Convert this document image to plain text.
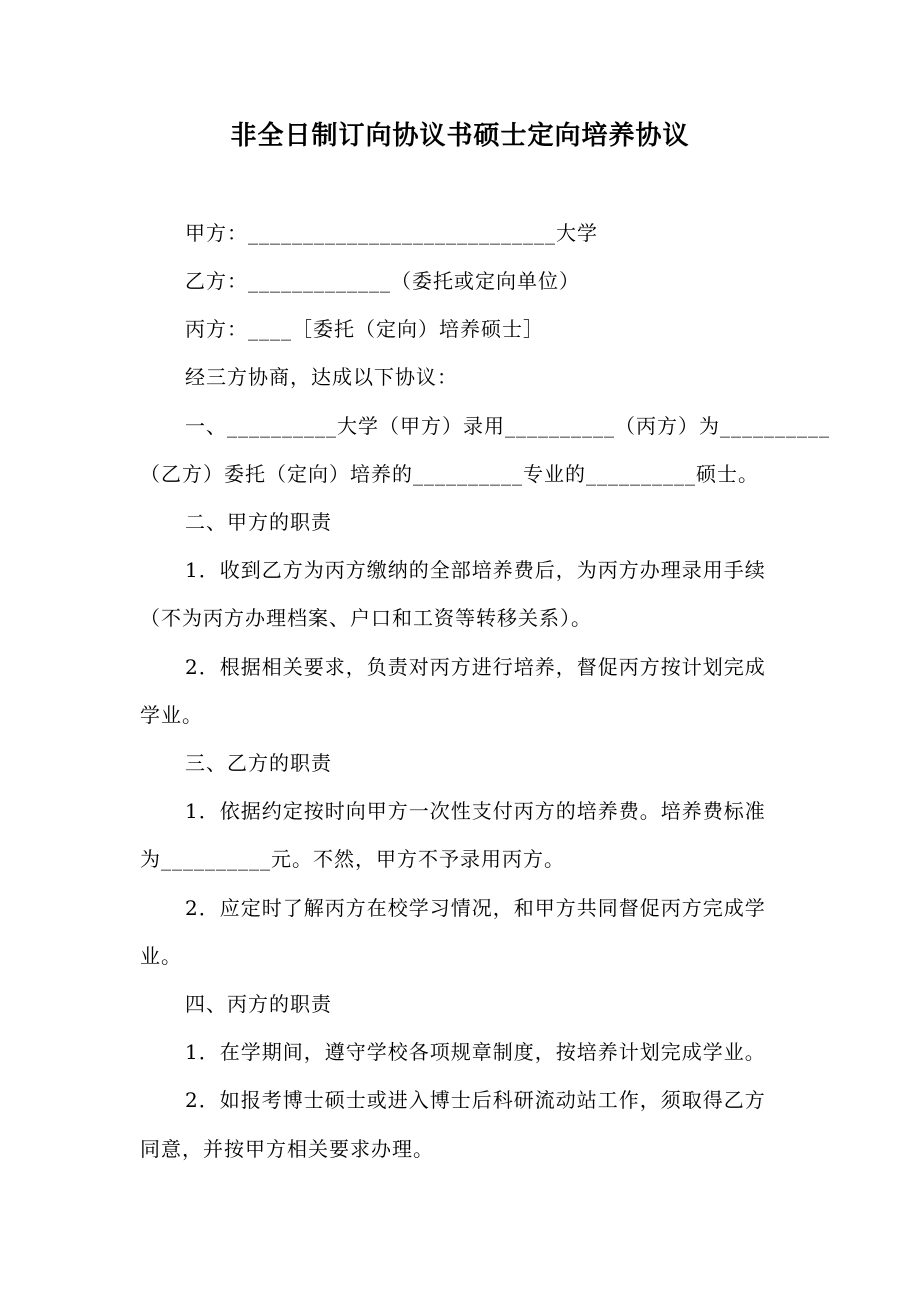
非全日制订向协议书硕士定向培养协议
甲方：____________________________大学
乙方：_____________（委托或定向单位）
丙方：____［委托（定向）培养硕士］
经三方协商，达成以下协议：
一、__________大学（甲方）录用__________（丙方）为__________
（乙方）委托（定向）培养的__________专业的__________硕士。
二、甲方的职责
1．收到乙方为丙方缴纳的全部培养费后，为丙方办理录用手续
（不为丙方办理档案、户口和工资等转移关系）。
2．根据相关要求，负责对丙方进行培养，督促丙方按计划完成
学业。
三、乙方的职责
1．依据约定按时向甲方一次性支付丙方的培养费。培养费标准
为__________元。不然，甲方不予录用丙方。
2．应定时了解丙方在校学习情况，和甲方共同督促丙方完成学
业。
四、丙方的职责
1．在学期间，遵守学校各项规章制度，按培养计划完成学业。
2．如报考博士硕士或进入博士后科研流动站工作，须取得乙方
同意，并按甲方相关要求办理。
